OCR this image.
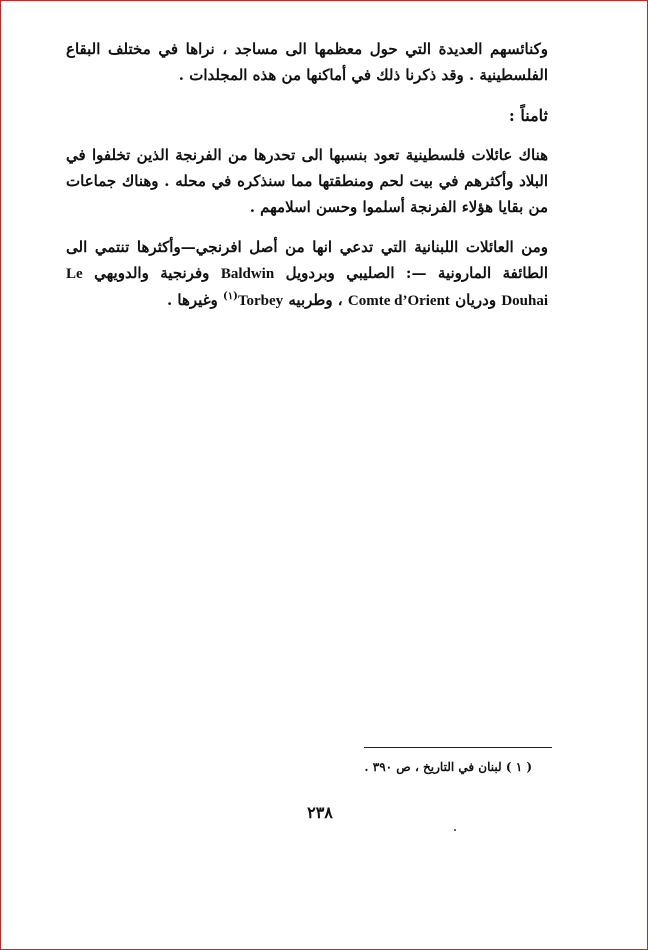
وكنائسهم العديدة التي حول معظمها الى مساجد ، نراها في مختلف البقاع الفلسطينية . وقد ذكرنا ذلك في أماكنها من هذه المجلدات .

ثامناً :

هناك عائلات فلسطينية تعود بنسبها الى تحدرها من الفرنجة الذين تخلفوا في البلاد وأكثرهم في بيت لحم ومنطقتها مما سنذكره في محله . وهناك جماعات من بقايا هؤلاء الفرنجة أسلموا وحسن اسلامهم .

ومن العائلات اللبنانية التي تدعي انها من أصل افرنجي—وأكثرها تنتمي الى الطائفة المارونية —: الصليبي وبردويل Baldwin وفرنجية والدويهي Le Douhai ودريان Comte d’Orient ، وطربيه Torbey$^{(١)}$ وغيرها .

( ١ ) لبنان في التاريخ ، ص ٣٩٠ .
٢٣٨
